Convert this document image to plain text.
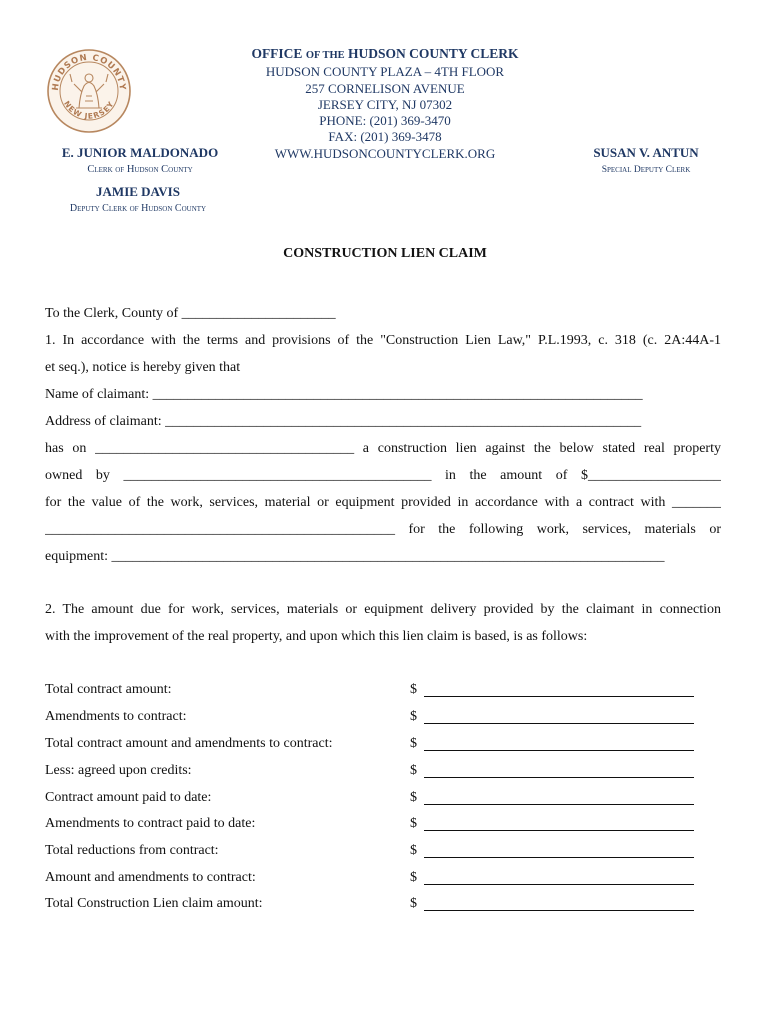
HUDSON COUNTY
NEW JERSEY
OFFICE OF THE HUDSON COUNTY CLERK
HUDSON COUNTY PLAZA – 4TH FLOOR
257 CORNELISON AVENUE
JERSEY CITY, NJ 07302
PHONE: (201) 369-3470
FAX: (201) 369-3478
WWW.HUDSONCOUNTYCLERK.ORG
E. JUNIOR MALDONADO
Clerk of Hudson County
SUSAN V. ANTUN
Special Deputy Clerk
JAMIE DAVIS
Deputy Clerk of Hudson County
CONSTRUCTION LIEN CLAIM
To the Clerk, County of ______________________
1. In accordance with the terms and provisions of the "Construction Lien Law," P.L.1993, c. 318 (c. 2A:44A-1
et seq.), notice is hereby given that
Name of claimant: ______________________________________________________________________
Address of claimant: ____________________________________________________________________
has on _____________________________________ a construction lien against the below stated real property
owned by ____________________________________________ in the amount of $___________________
for the value of the work, services, material or equipment provided in accordance with a contract with _______
__________________________________________________ for the following work, services, materials or
equipment: _______________________________________________________________________________
2. The amount due for work, services, materials or equipment delivery provided by the claimant in connection
with the improvement of the real property, and upon which this lien claim is based, is as follows:
Total contract amount:	$
Amendments to contract:	$
Total contract amount and amendments to contract:	$
Less: agreed upon credits:	$
Contract amount paid to date:	$
Amendments to contract paid to date:	$
Total reductions from contract:	$
Amount and amendments to contract:	$
Total Construction Lien claim amount:	$
